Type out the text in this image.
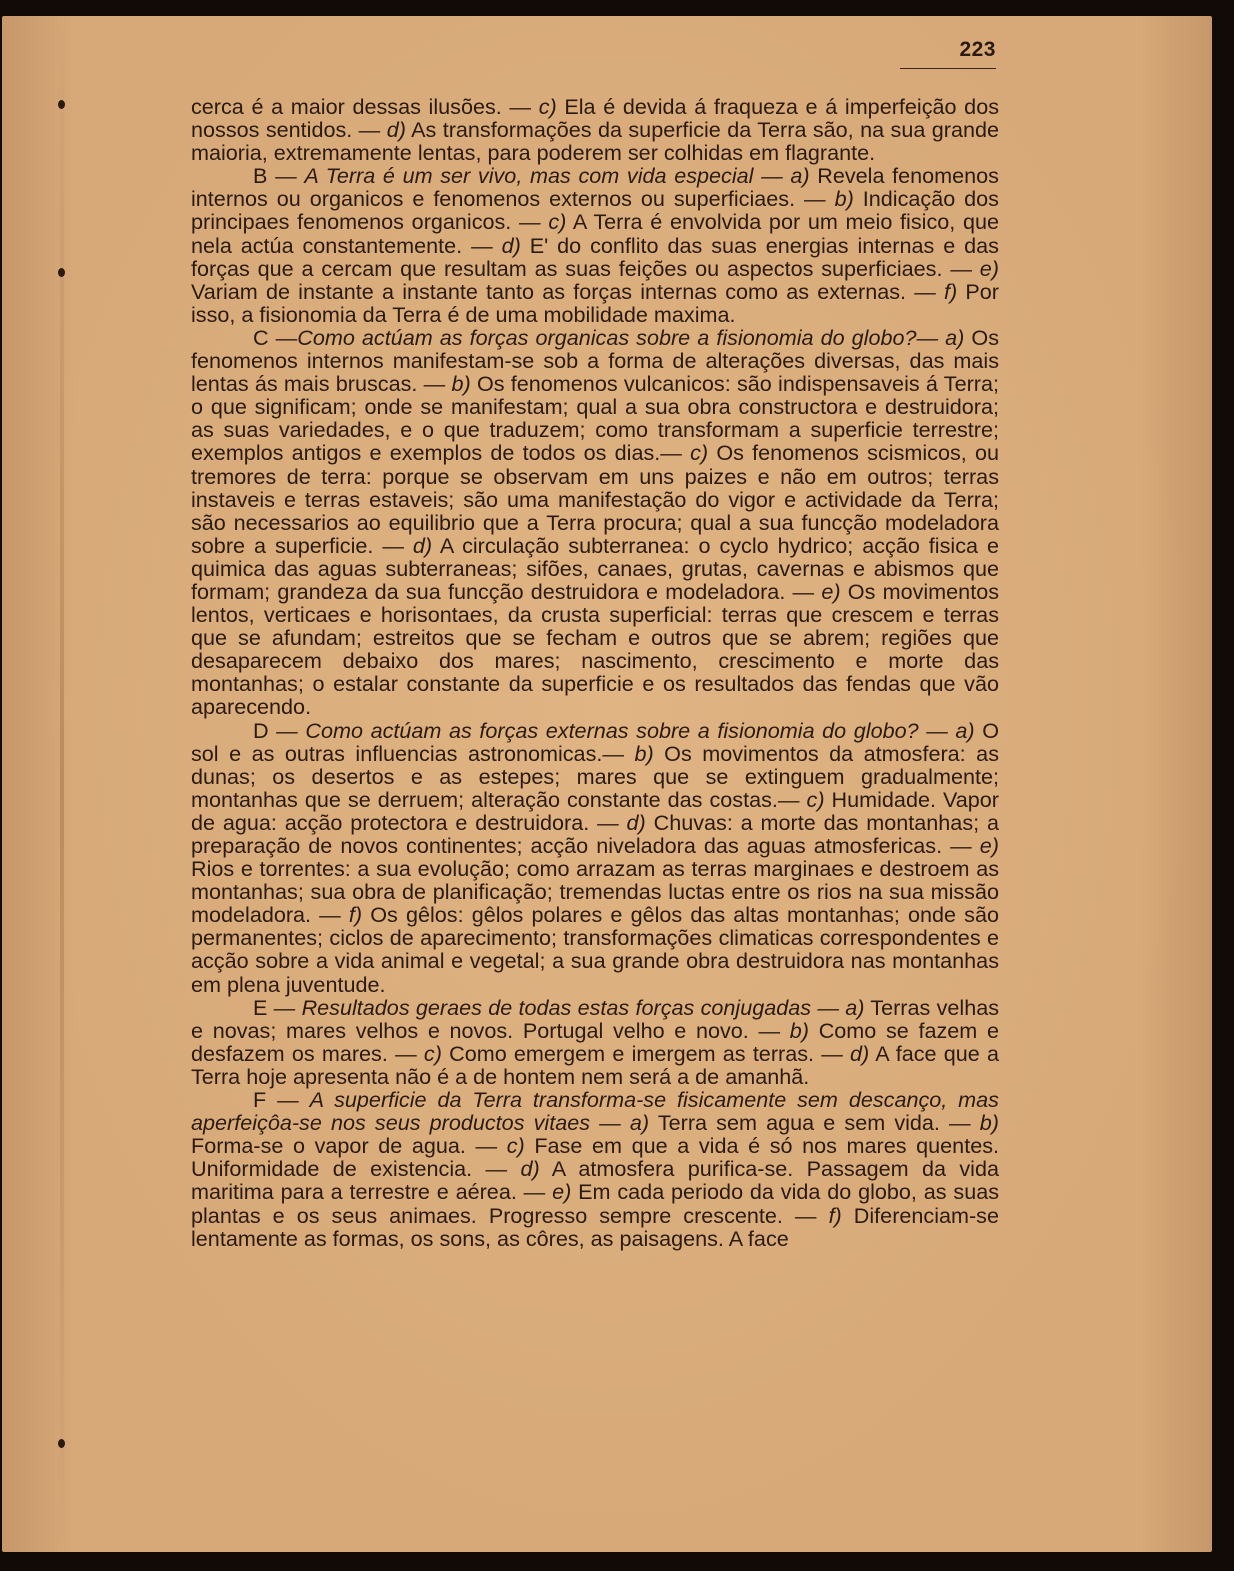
223

cerca é a maior dessas ilusões. — c) Ela é devida á fraqueza e á imperfeição dos nossos sentidos. — d) As transformações da superficie da Terra são, na sua grande maioria, extremamente lentas, para poderem ser colhidas em flagrante.

B — A Terra é um ser vivo, mas com vida especial — a) Revela fenomenos internos ou organicos e fenomenos externos ou superficiaes. — b) Indicação dos principaes fenomenos organicos. — c) A Terra é envolvida por um meio fisico, que nela actúa constantemente. — d) E' do conflito das suas energias internas e das forças que a cercam que resultam as suas feições ou aspectos superficiaes. — e) Variam de instante a instante tanto as forças internas como as externas. — f) Por isso, a fisionomia da Terra é de uma mobilidade maxima.

C —Como actúam as forças organicas sobre a fisionomia do globo?— a) Os fenomenos internos manifestam-se sob a forma de alterações diversas, das mais lentas ás mais bruscas. — b) Os fenomenos vulcanicos: são indispensaveis á Terra; o que significam; onde se manifestam; qual a sua obra constructora e destruidora; as suas variedades, e o que traduzem; como transformam a superficie terrestre; exemplos antigos e exemplos de todos os dias.— c) Os fenomenos scismicos, ou tremores de terra: porque se observam em uns paizes e não em outros; terras instaveis e terras estaveis; são uma manifestação do vigor e actividade da Terra; são necessarios ao equilibrio que a Terra procura; qual a sua funcção modeladora sobre a superficie. — d) A circulação subterranea: o cyclo hydrico; acção fisica e quimica das aguas subterraneas; sifões, canaes, grutas, cavernas e abismos que formam; grandeza da sua funcção destruidora e modeladora. — e) Os movimentos lentos, verticaes e horisontaes, da crusta superficial: terras que crescem e terras que se afundam; estreitos que se fecham e outros que se abrem; regiões que desaparecem debaixo dos mares; nascimento, crescimento e morte das montanhas; o estalar constante da superficie e os resultados das fendas que vão aparecendo.

D — Como actúam as forças externas sobre a fisionomia do globo? — a) O sol e as outras influencias astronomicas.— b) Os movimentos da atmosfera: as dunas; os desertos e as estepes; mares que se extinguem gradualmente; montanhas que se derruem; alteração constante das costas.— c) Humidade. Vapor de agua: acção protectora e destruidora. — d) Chuvas: a morte das montanhas; a preparação de novos continentes; acção niveladora das aguas atmosfericas. — e) Rios e torrentes: a sua evolução; como arrazam as terras marginaes e destroem as montanhas; sua obra de planificação; tremendas luctas entre os rios na sua missão modeladora. — f) Os gêlos: gêlos polares e gêlos das altas montanhas; onde são permanentes; ciclos de aparecimento; transformações climaticas correspondentes e acção sobre a vida animal e vegetal; a sua grande obra destruidora nas montanhas em plena juventude.

E — Resultados geraes de todas estas forças conjugadas — a) Terras velhas e novas; mares velhos e novos. Portugal velho e novo. — b) Como se fazem e desfazem os mares. — c) Como emergem e imergem as terras. — d) A face que a Terra hoje apresenta não é a de hontem nem será a de amanhã.

F — A superficie da Terra transforma-se fisicamente sem descanço, mas aperfeiçôa-se nos seus productos vitaes — a) Terra sem agua e sem vida. — b) Forma-se o vapor de agua. — c) Fase em que a vida é só nos mares quentes. Uniformidade de existencia. — d) A atmosfera purifica-se. Passagem da vida maritima para a terrestre e aérea. — e) Em cada periodo da vida do globo, as suas plantas e os seus animaes. Progresso sempre crescente. — f) Diferenciam-se lentamente as formas, os sons, as côres, as paisagens. A face
